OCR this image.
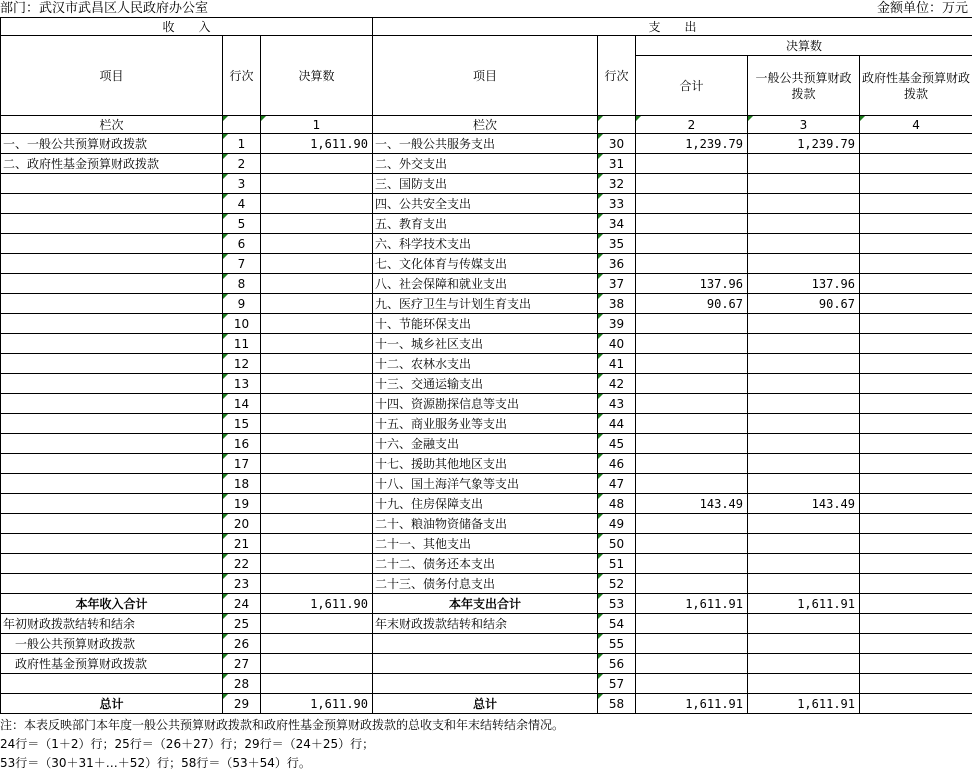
部门：武汉市武昌区人民政府办公室	金额单位：万元
收　　入			支　　出				
项目	行次	决算数	项目	行次	决算数		
					合计	一般公共预算财政拨款	政府性基金预算财政拨款
栏次		1	栏次		2	3	4
一、一般公共预算财政拨款	1	1,611.90	一、一般公共服务支出	30	1,239.79	1,239.79	
二、政府性基金预算财政拨款	2		二、外交支出	31			
	3		三、国防支出	32			
	4		四、公共安全支出	33			
	5		五、教育支出	34			
	6		六、科学技术支出	35			
	7		七、文化体育与传媒支出	36			
	8		八、社会保障和就业支出	37	137.96	137.96	
	9		九、医疗卫生与计划生育支出	38	90.67	90.67	
	10		十、节能环保支出	39			
	11		十一、城乡社区支出	40			
	12		十二、农林水支出	41			
	13		十三、交通运输支出	42			
	14		十四、资源勘探信息等支出	43			
	15		十五、商业服务业等支出	44			
	16		十六、金融支出	45			
	17		十七、援助其他地区支出	46			
	18		十八、国土海洋气象等支出	47			
	19		十九、住房保障支出	48	143.49	143.49	
	20		二十、粮油物资储备支出	49			
	21		二十一、其他支出	50			
	22		二十二、债务还本支出	51			
	23		二十三、债务付息支出	52			
本年收入合计	24	1,611.90	本年支出合计	53	1,611.91	1,611.91	
年初财政拨款结转和结余	25		年末财政拨款结转和结余	54			
一般公共预算财政拨款	26			55			
政府性基金预算财政拨款	27			56			
	28			57			
总计	29	1,611.90	总计	58	1,611.91	1,611.91	
注：本表反映部门本年度一般公共预算财政拨款和政府性基金预算财政拨款的总收支和年末结转结余情况。
24行＝（1＋2）行；25行＝（26＋27）行；29行＝（24＋25）行；
53行＝（30＋31＋…＋52）行；58行＝（53＋54）行。
